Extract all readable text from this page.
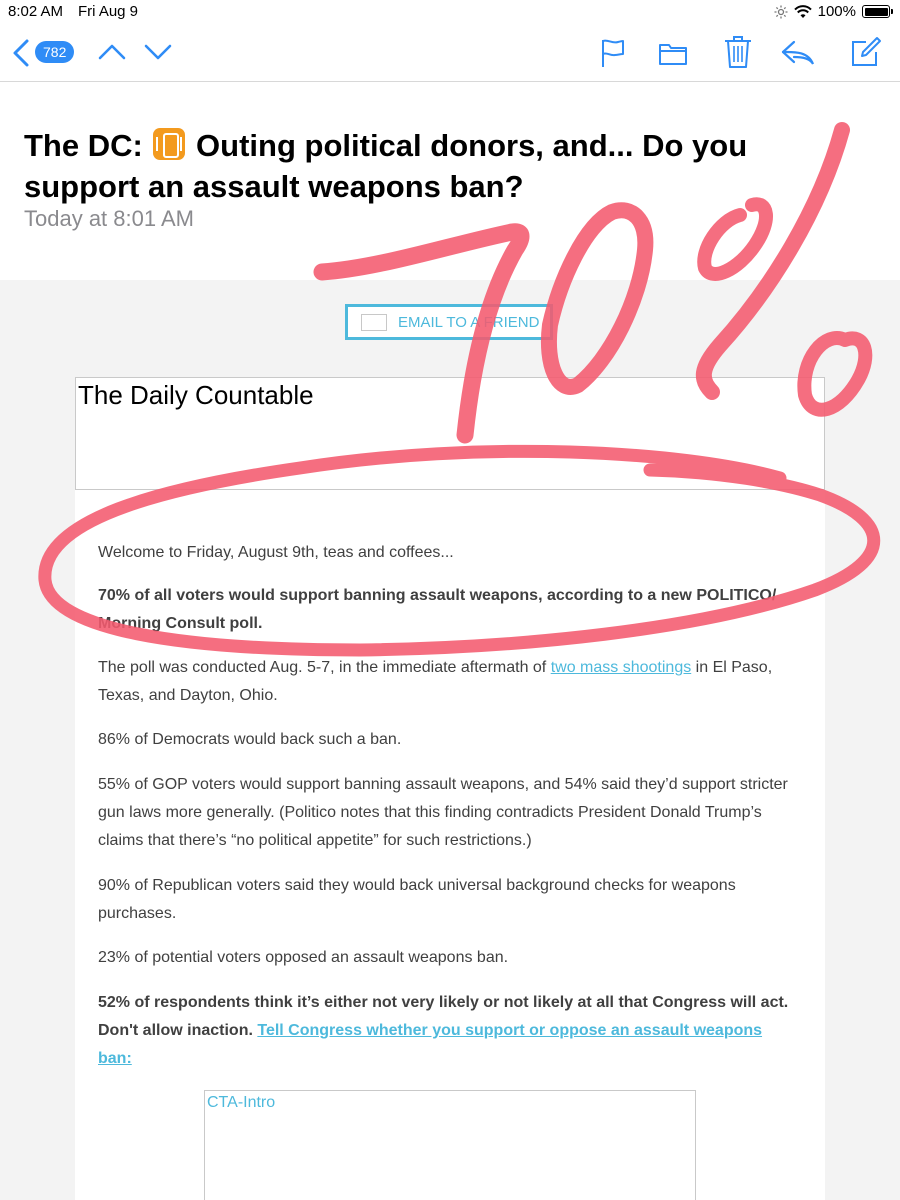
8:02 AM Fri Aug 9	100%
782
The DC:  Outing political donors, and... Do you support an assault weapons ban?
Today at 8:01 AM
EMAIL TO A FRIEND
The Daily Countable

Welcome to Friday, August 9th, teas and coffees...

70% of all voters would support banning assault weapons, according to a new POLITICO/ Morning Consult poll.

The poll was conducted Aug. 5-7, in the immediate aftermath of two mass shootings in El Paso, Texas, and Dayton, Ohio.

86% of Democrats would back such a ban.

55% of GOP voters would support banning assault weapons, and 54% said they’d support stricter gun laws more generally. (Politico notes that this finding contradicts President Donald Trump’s claims that there’s “no political appetite” for such restrictions.)

90% of Republican voters said they would back universal background checks for weapons purchases.

23% of potential voters opposed an assault weapons ban.

52% of respondents think it’s either not very likely or not likely at all that Congress will act. Don't allow inaction. Tell Congress whether you support or oppose an assault weapons ban:

CTA-Intro
